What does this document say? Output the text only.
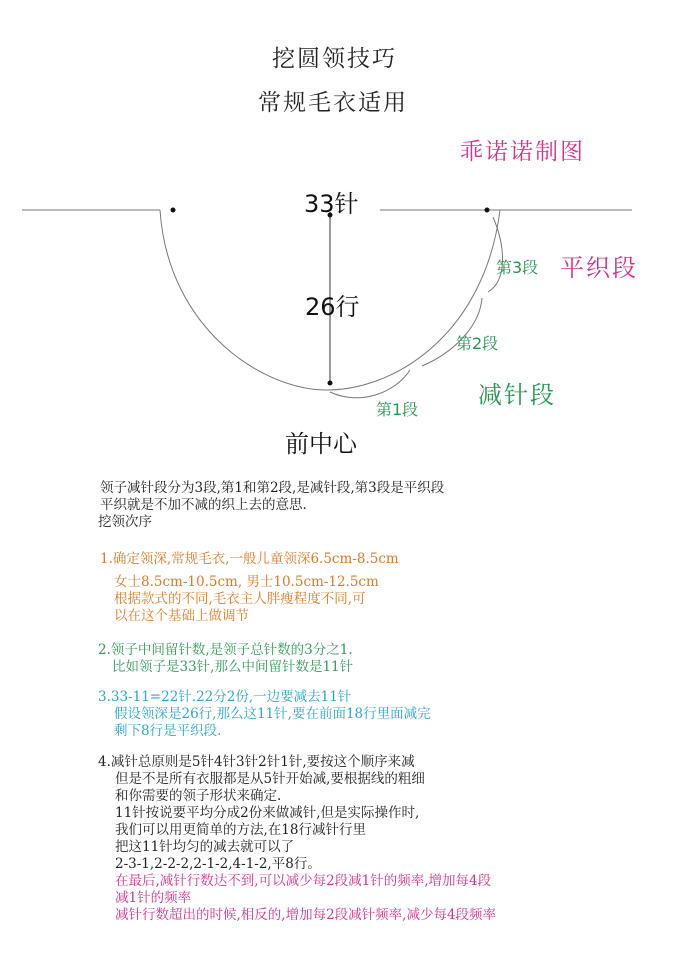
挖圆领技巧
常规毛衣适用
乖诺诺制图
33针
26行
前中心
第3段 平织段
第2段
减针段
第1段
领子减针段分为3段,第1和第2段,是减针段,第3段是平织段
平织就是不加不减的织上去的意思.
挖领次序
1.确定领深,常规毛衣,一般儿童领深6.5cm-8.5cm
女士8.5cm-10.5cm, 男士10.5cm-12.5cm
根据款式的不同,毛衣主人胖瘦程度不同,可
以在这个基础上做调节
2.领子中间留针数,是领子总针数的3分之1.
比如领子是33针,那么中间留针数是11针
3.33-11=22针.22分2份,一边要减去11针
假设领深是26行,那么这11针,要在前面18行里面减完
剩下8行是平织段.
4.减针总原则是5针4针3针2针1针,要按这个顺序来减
但是不是所有衣服都是从5针开始减,要根据线的粗细
和你需要的领子形状来确定.
11针按说要平均分成2份来做减针,但是实际操作时,
我们可以用更简单的方法,在18行减针行里
把这11针均匀的减去就可以了
2-3-1,2-2-2,2-1-2,4-1-2,平8行。
在最后,减针行数达不到,可以减少每2段减1针的频率,增加每4段
减1针的频率
减针行数超出的时候,相反的,增加每2段减针频率,减少每4段频率
